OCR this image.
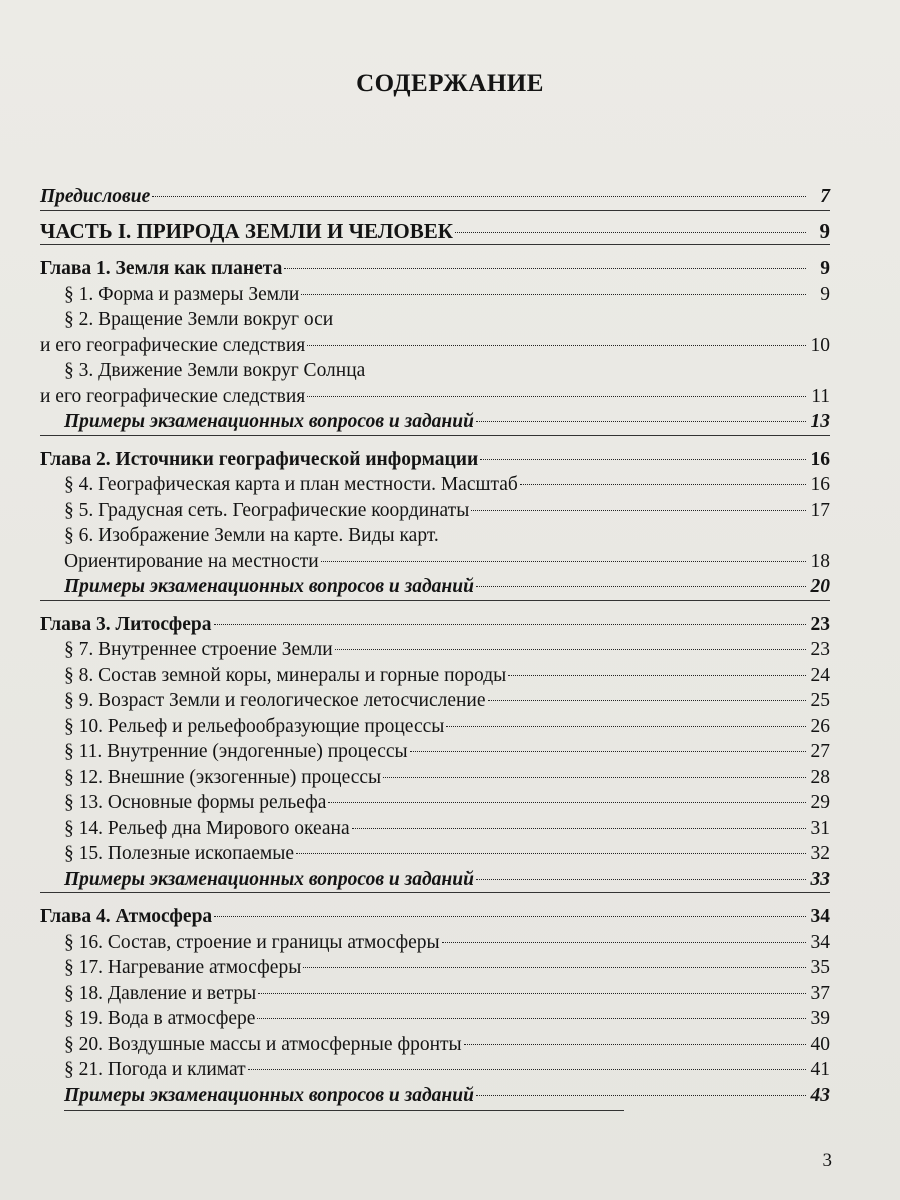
СОДЕРЖАНИЕ
Предисловие	7
ЧАСТЬ I. ПРИРОДА ЗЕМЛИ И ЧЕЛОВЕК	9
Глава 1. Земля как планета	9
§ 1. Форма и размеры Земли	9
§ 2. Вращение Земли вокруг оси
и его географические следствия	10
§ 3. Движение Земли вокруг Солнца
и его географические следствия	11
Примеры экзаменационных вопросов и заданий	13
Глава 2. Источники географической информации	16
§ 4. Географическая карта и план местности. Масштаб	16
§ 5. Градусная сеть. Географические координаты	17
§ 6. Изображение Земли на карте. Виды карт.
Ориентирование на местности	18
Примеры экзаменационных вопросов и заданий	20
Глава 3. Литосфера	23
§ 7. Внутреннее строение Земли	23
§ 8. Состав земной коры, минералы и горные породы	24
§ 9. Возраст Земли и геологическое летосчисление	25
§ 10. Рельеф и рельефообразующие процессы	26
§ 11. Внутренние (эндогенные) процессы	27
§ 12. Внешние (экзогенные) процессы	28
§ 13. Основные формы рельефа	29
§ 14. Рельеф дна Мирового океана	31
§ 15. Полезные ископаемые	32
Примеры экзаменационных вопросов и заданий	33
Глава 4. Атмосфера	34
§ 16. Состав, строение и границы атмосферы	34
§ 17. Нагревание атмосферы	35
§ 18. Давление и ветры	37
§ 19. Вода в атмосфере	39
§ 20. Воздушные массы и атмосферные фронты	40
§ 21. Погода и климат	41
Примеры экзаменационных вопросов и заданий	43
3
